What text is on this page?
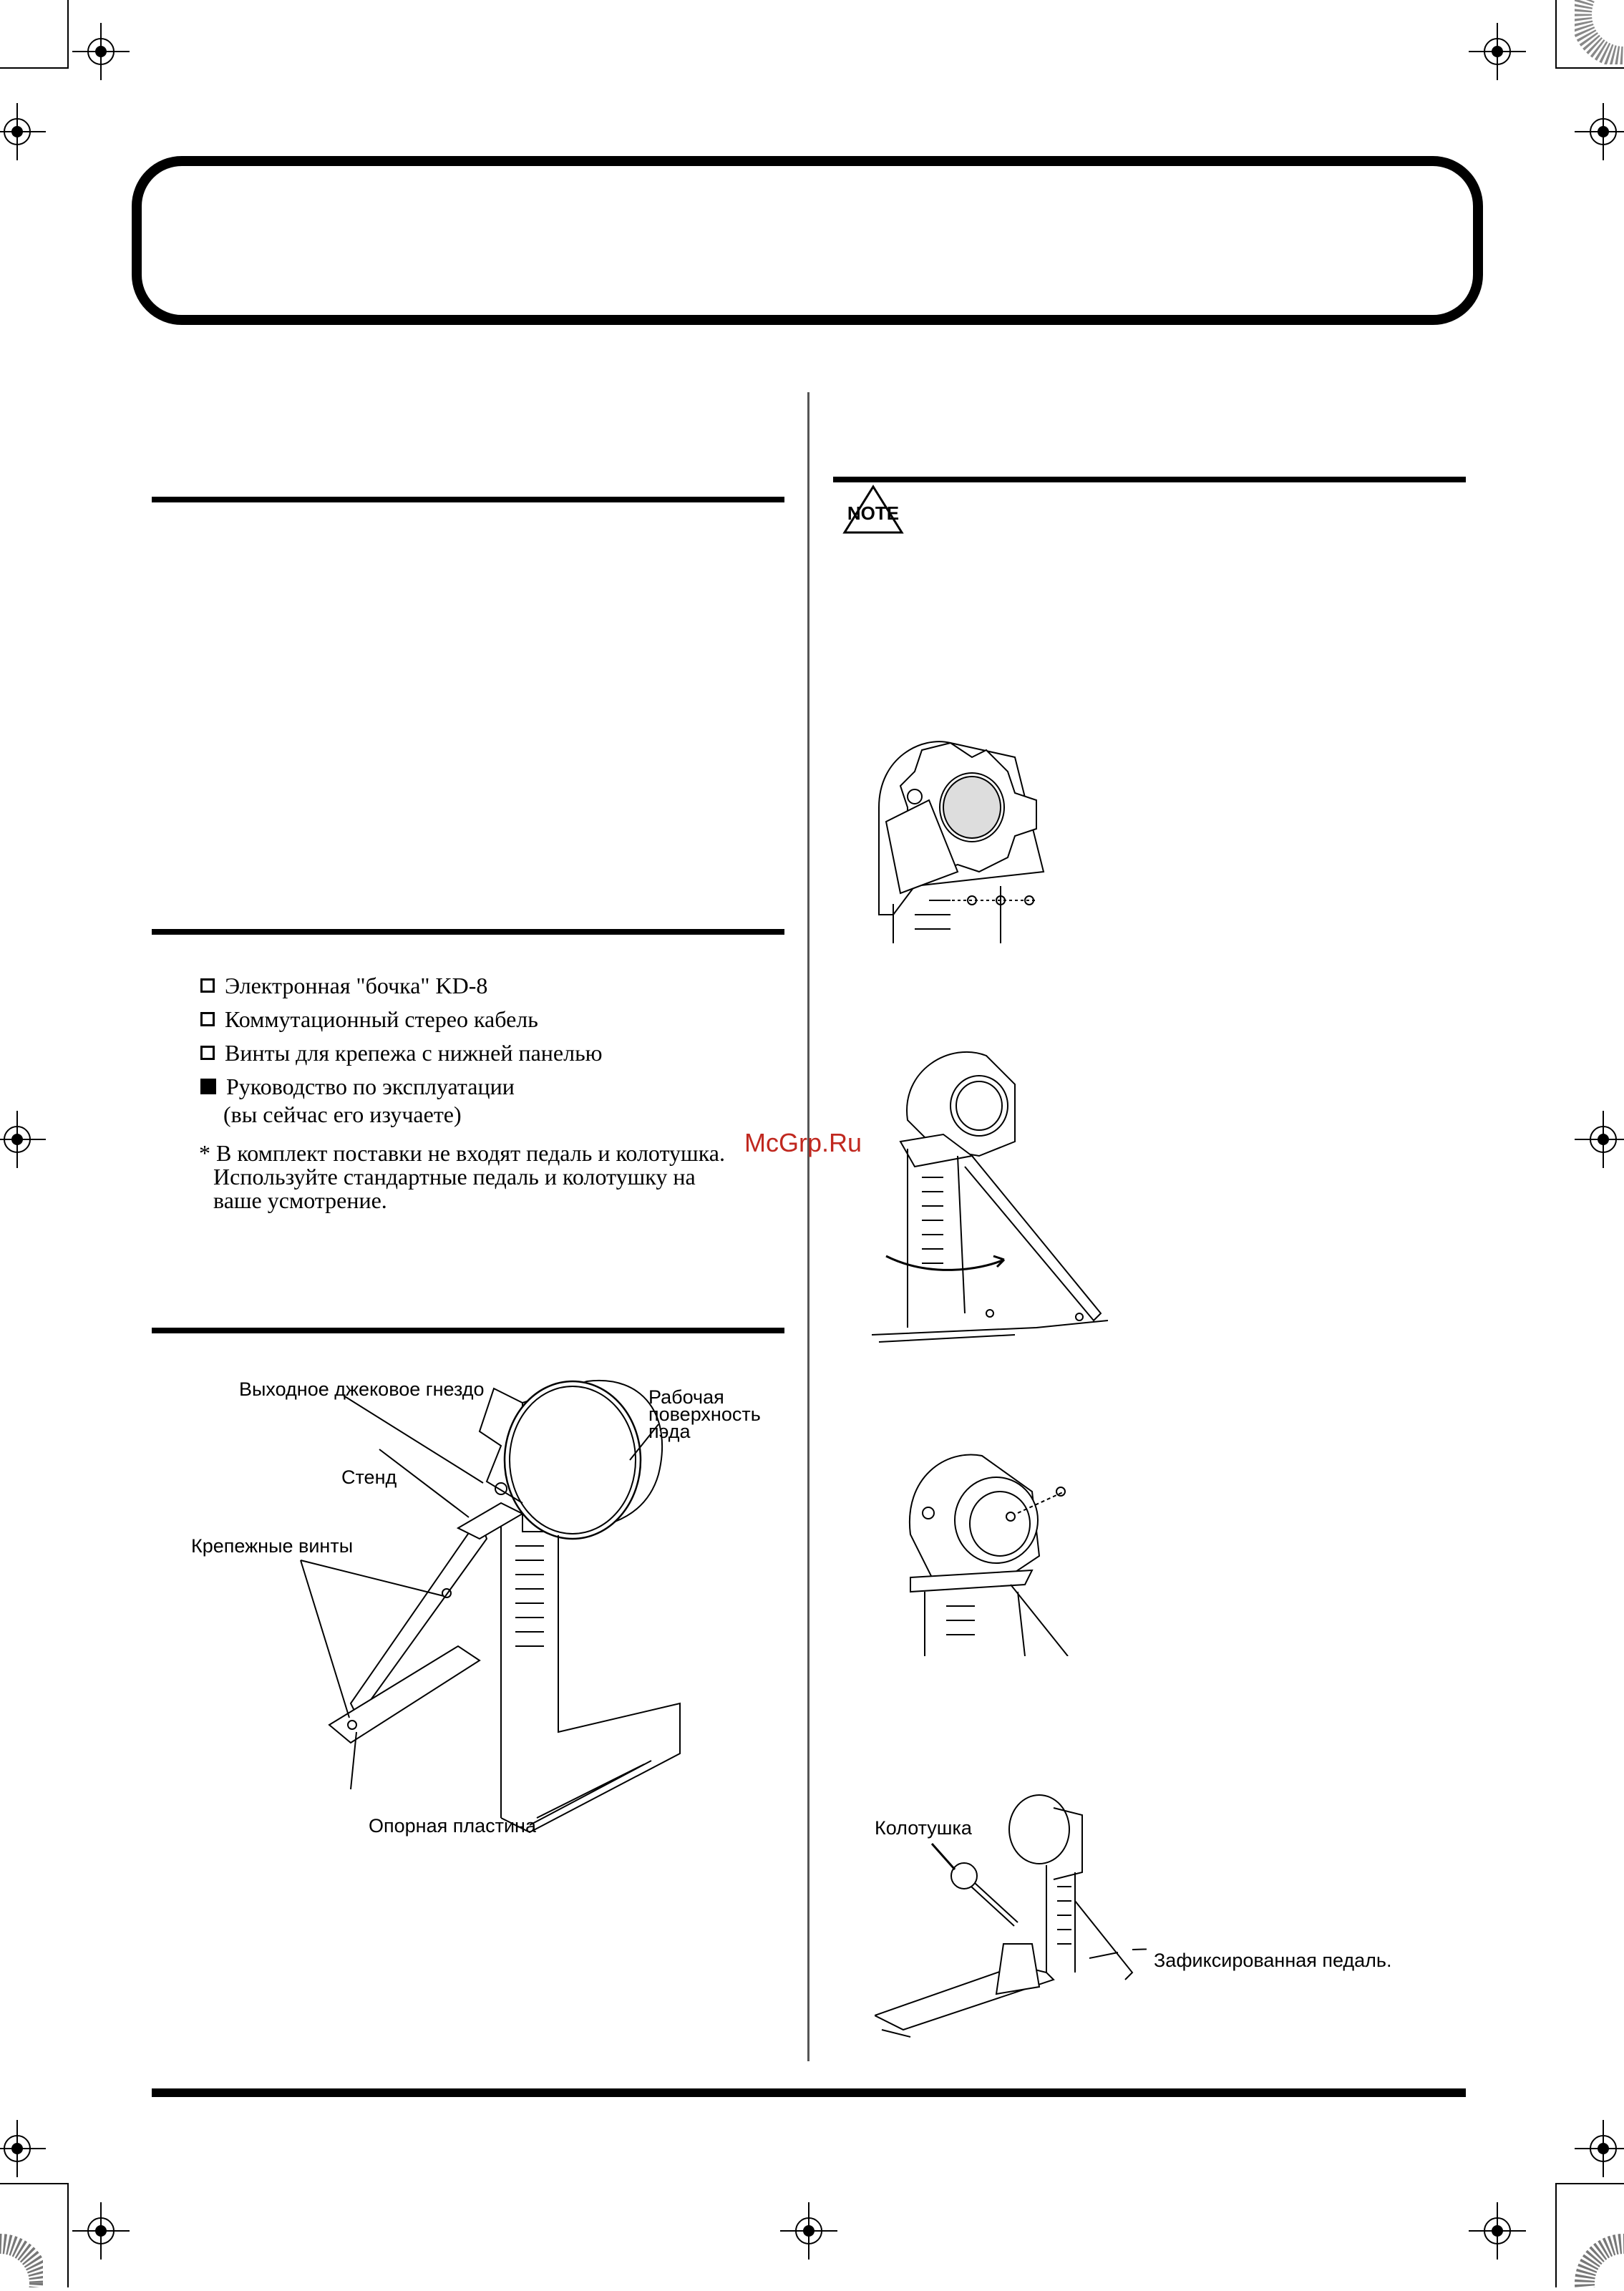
Электронная "бочка" KD-8
Коммутационный стерео кабель
Винты для крепежа с нижней панелью
Руководство по эксплуатации
(вы сейчас его изучаете)
* В комплект поставки не входят педаль и колотушка.
Используйте стандартные педаль и колотушку на
ваше усмотрение.
McGrp.Ru
NOTE
Выходное джековое гнездо	Рабочая
поверхность
пэда
Стенд
Крепежные винты
Опорная пластина	Колотушка
Зафиксированная педаль.
